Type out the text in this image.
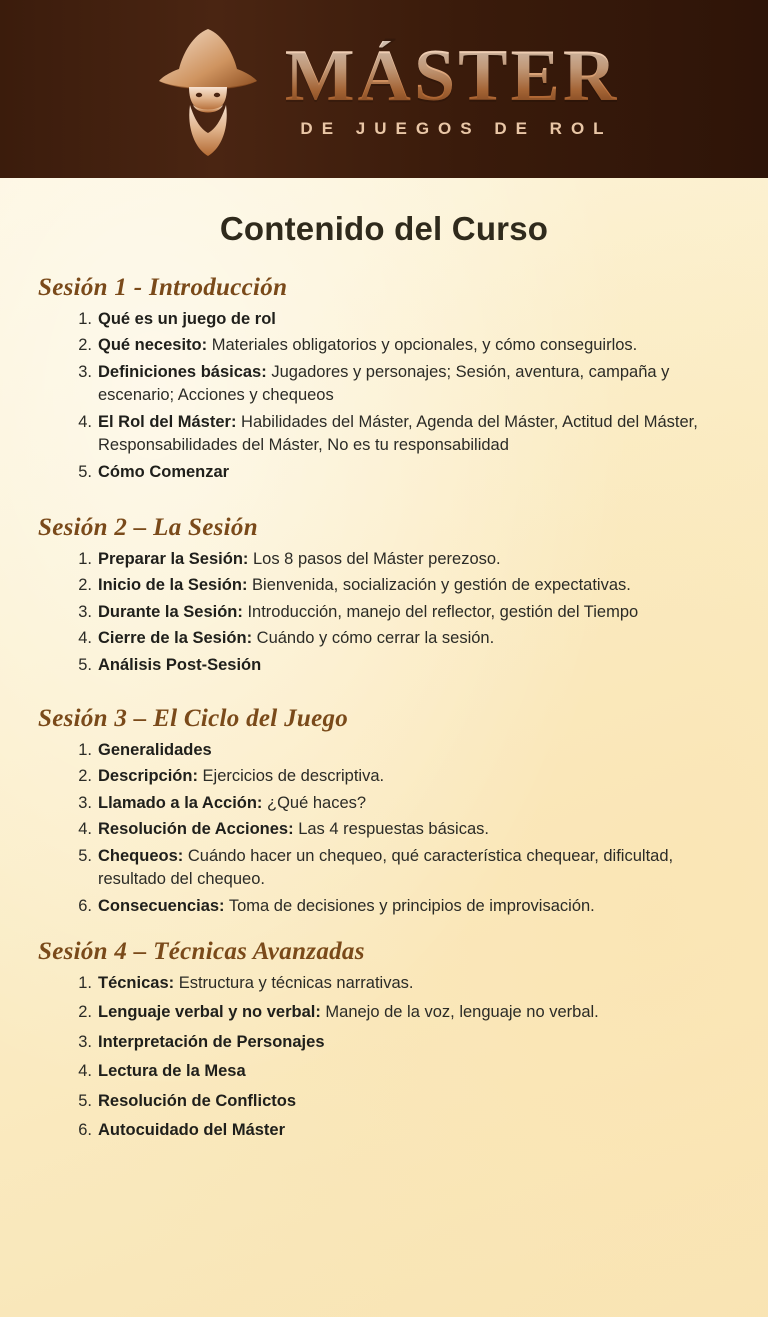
MÁSTER
DE JUEGOS DE ROL
Contenido del Curso
Sesión 1 - Introducción
Qué es un juego de rol
Qué necesito: Materiales obligatorios y opcionales, y cómo conseguirlos.
Definiciones básicas: Jugadores y personajes; Sesión, aventura, campaña y escenario; Acciones y chequeos
El Rol del Máster: Habilidades del Máster, Agenda del Máster, Actitud del Máster, Responsabilidades del Máster, No es tu responsabilidad
Cómo Comenzar
Sesión 2 – La Sesión
Preparar la Sesión: Los 8 pasos del Máster perezoso.
Inicio de la Sesión: Bienvenida, socialización y gestión de expectativas.
Durante la Sesión: Introducción, manejo del reflector, gestión del Tiempo
Cierre de la Sesión: Cuándo y cómo cerrar la sesión.
Análisis Post-Sesión
Sesión 3 – El Ciclo del Juego
Generalidades
Descripción: Ejercicios de descriptiva.
Llamado a la Acción: ¿Qué haces?
Resolución de Acciones: Las 4 respuestas básicas.
Chequeos: Cuándo hacer un chequeo, qué característica chequear, dificultad, resultado del chequeo.
Consecuencias: Toma de decisiones y principios de improvisación.
Sesión 4 – Técnicas Avanzadas
Técnicas: Estructura y técnicas narrativas.
Lenguaje verbal y no verbal: Manejo de la voz, lenguaje no verbal.
Interpretación de Personajes
Lectura de la Mesa
Resolución de Conflictos
Autocuidado del Máster
